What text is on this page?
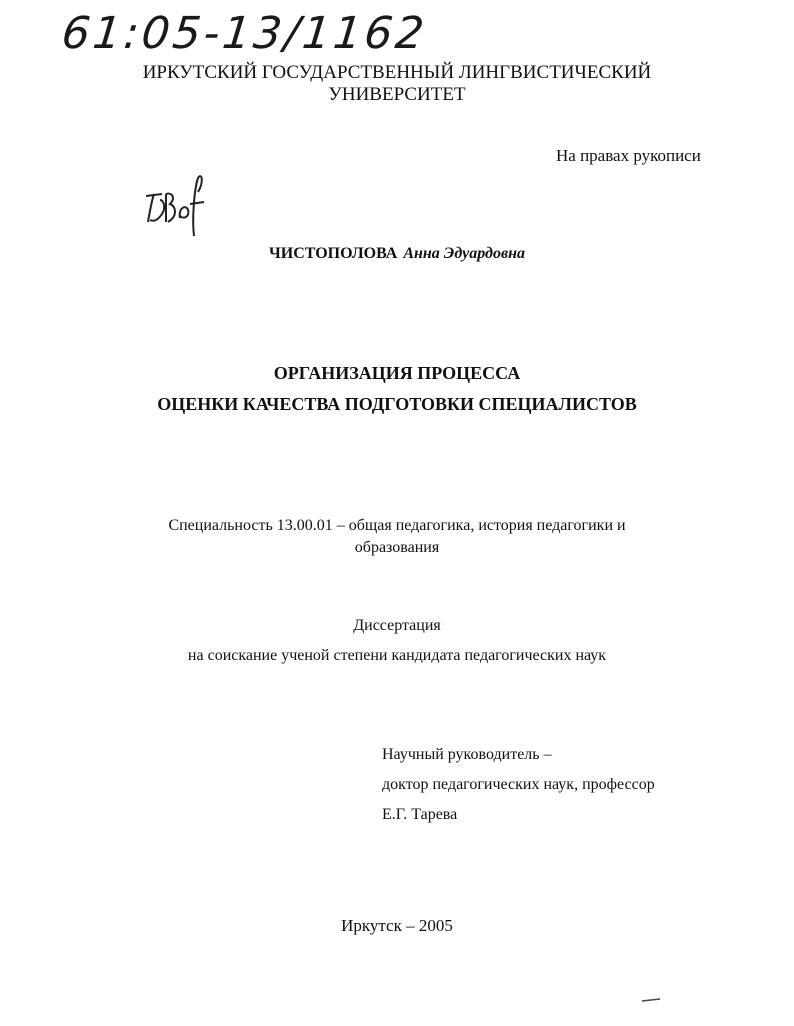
61:05-13/1162
ИРКУТСКИЙ ГОСУДАРСТВЕННЫЙ ЛИНГВИСТИЧЕСКИЙ
УНИВЕРСИТЕТ
На правах рукописи
ЧИСТОПОЛОВА Анна Эдуардовна
ОРГАНИЗАЦИЯ ПРОЦЕССА
ОЦЕНКИ КАЧЕСТВА ПОДГОТОВКИ СПЕЦИАЛИСТОВ
Специальность 13.00.01 – общая педагогика, история педагогики и
образования
Диссертация
на соискание ученой степени кандидата педагогических наук
Научный руководитель –
доктор педагогических наук, профессор
Е.Г. Тарева
Иркутск – 2005
